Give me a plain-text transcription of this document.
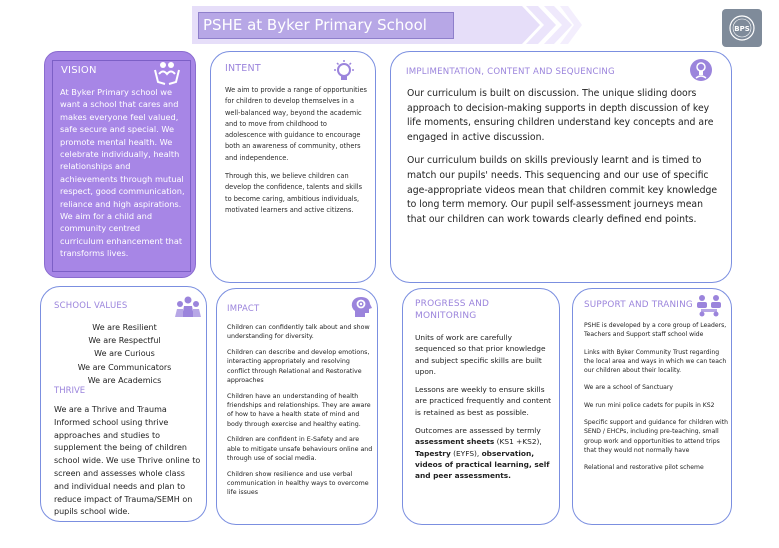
PSHE at Byker Primary School	BPS
VISION
At Byker Primary school we want a school that cares and makes everyone feel valued, safe secure and special. We promote mental health. We celebrate individually, health relationships and achievements through mutual respect, good communication, reliance and high aspirations. We aim for a child and community centred curriculum enhancement that transforms lives.
INTENT

We aim to provide a range of opportunities for children to develop themselves in a well-balanced way, beyond the academic and to move from childhood to adolescence with guidance to encourage both an awareness of community, others and independence.

Through this, we believe children can develop the confidence, talents and skills to become caring, ambitious individuals, motivated learners and active citizens.

IMPLIMENTATION, CONTENT AND SEQUENCING

Our curriculum is built on discussion. The unique sliding doors approach to decision-making supports in depth discussion of key life moments, ensuring children understand key concepts and are engaged in active discussion.

Our curriculum builds on skills previously learnt and is timed to match our pupils' needs. This sequencing and our use of specific age-appropriate videos mean that children commit key knowledge to long term memory. Our pupil self-assessment journeys mean that our children can work towards clearly defined end points.

SCHOOL VALUES
We are Resilient
We are Respectful
We are Curious
We are Communicators
We are Academics
THRIVE
We are a Thrive and Trauma Informed school using thrive approaches and studies to supplement the being of children school wide. We use Thrive online to screen and assesses whole class and individual needs and plan to reduce impact of Trauma/SEMH on pupils school wide.
IMPACT

Children can confidently talk about and show understanding for diversity.

Children can describe and develop emotions, interacting appropriately and resolving conflict through Relational and Restorative approaches

Children have an understanding of health friendships and relationships. They are aware of how to have a health state of mind and body through exercise and healthy eating.

Children are confident in E-Safety and are able to mitigate unsafe behaviours online and through use of social media.

Children show resilience and use verbal communication in healthy ways to overcome life issues

PROGRESS AND MONITORING

Units of work are carefully sequenced so that prior knowledge and subject specific skills are built upon.

Lessons are weekly to ensure skills are practiced frequently and content is retained as best as possible.

Outcomes are assessed by termly assessment sheets (KS1 +KS2), Tapestry (EYFS), observation, videos of practical learning, self and peer assessments.

SUPPORT AND TRANING

PSHE is developed by a core group of Leaders, Teachers and Support staff school wide

Links with Byker Community Trust regarding the local area and ways in which we can teach our children about their locality.

We are a school of Sanctuary

We run mini police cadets for pupils in KS2

Specific support and guidance for children with SEND / EHCPs, including pre-teaching, small group work and opportunities to attend trips that they would not normally have

Relational and restorative pilot scheme
